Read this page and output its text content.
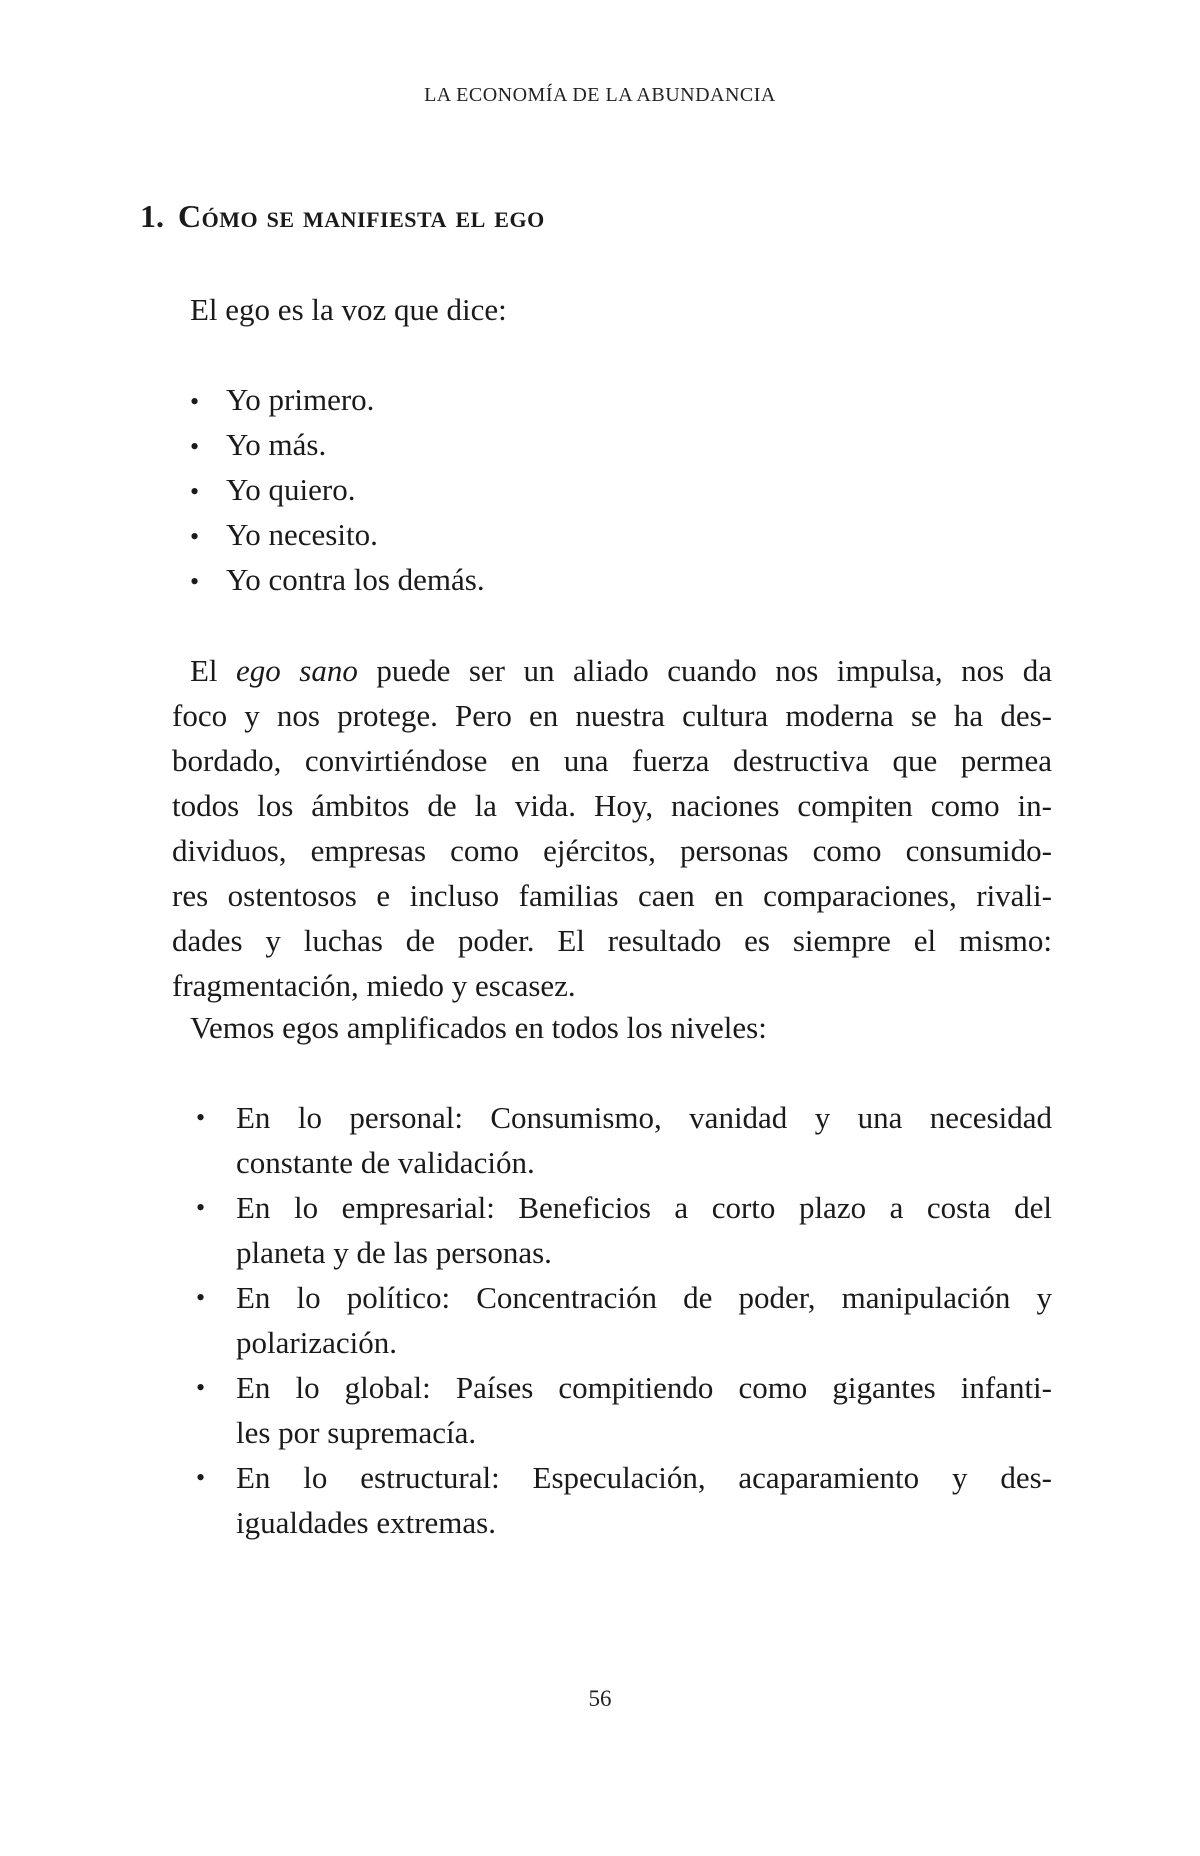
LA ECONOMÍA DE LA ABUNDANCIA
1. Cómo se manifiesta el ego
El ego es la voz que dice:
• Yo primero.
• Yo más.
• Yo quiero.
• Yo necesito.
• Yo contra los demás.
El ego sano puede ser un aliado cuando nos impulsa, nos da
foco y nos protege. Pero en nuestra cultura moderna se ha des-
bordado, convirtiéndose en una fuerza destructiva que permea
todos los ámbitos de la vida. Hoy, naciones compiten como in-
dividuos, empresas como ejércitos, personas como consumido-
res ostentosos e incluso familias caen en comparaciones, rivali-
dades y luchas de poder. El resultado es siempre el mismo:
fragmentación, miedo y escasez.
Vemos egos amplificados en todos los niveles:
• En lo personal: Consumismo, vanidad y una necesidad
constante de validación.
• En lo empresarial: Beneficios a corto plazo a costa del
planeta y de las personas.
• En lo político: Concentración de poder, manipulación y
polarización.
• En lo global: Países compitiendo como gigantes infanti-
les por supremacía.
• En lo estructural: Especulación, acaparamiento y des-
igualdades extremas.
56
